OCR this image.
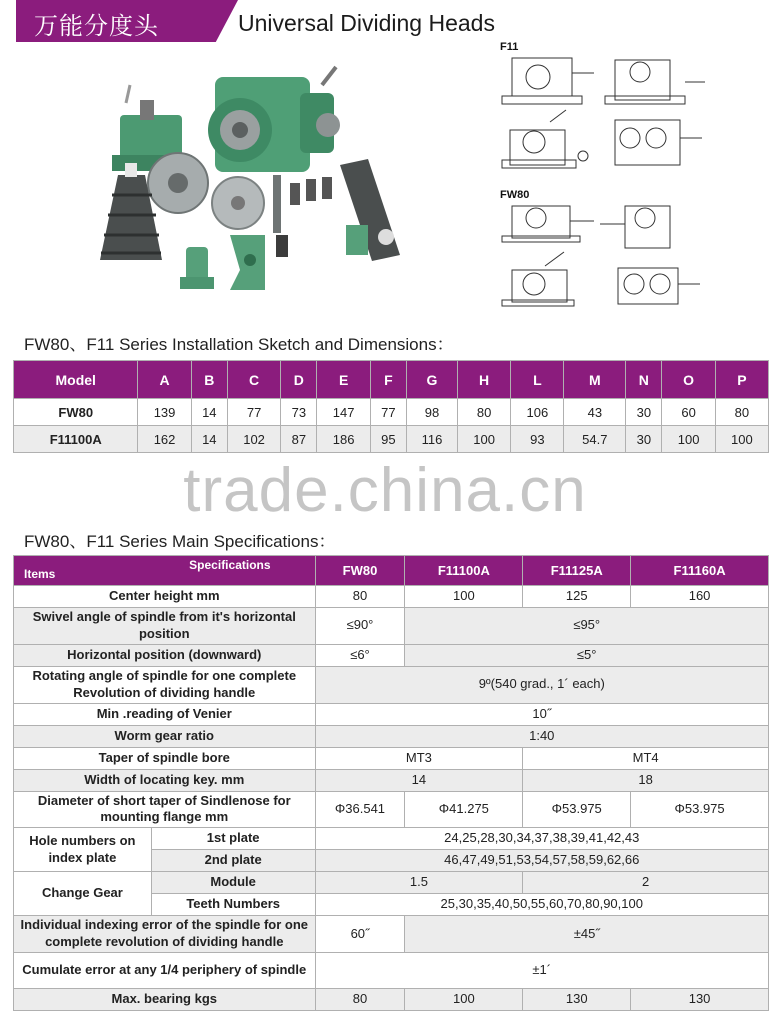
万能分度头	Universal Dividing Heads
F11
FW80
FW80、F11 Series Installation Sketch and Dimensions：
Model	A	B	C	D	E	F	G	H	L	M	N	O	P
FW80	139	14	77	73	147	77	98	80	106	43	30	60	80
F11100A	162	14	102	87	186	95	116	100	93	54.7	30	100	100
trade.china.cn
FW80、F11 Series Main Specifications：
Specifications
Items		FW80	F11100A	F11125A	F11160A
Center height mm		80	100	125	160
Swivel angle of spindle from it's horizontal position		≤90°	≤95°		
Horizontal position (downward)		≤6°	≤5°		
Rotating angle of spindle for one complete Revolution of dividing handle		9º(540 grad., 1´ each)			
Min .reading of Venier		10˝			
Worm gear ratio		1:40			
Taper of spindle bore		MT3		MT4	
Width of locating key. mm		14		18	
Diameter of short taper of Sindlenose for mounting flange mm		Φ36.541	Φ41.275	Φ53.975	Φ53.975
Hole numbers on index plate	1st plate	24,25,28,30,34,37,38,39,41,42,43			
	2nd plate	46,47,49,51,53,54,57,58,59,62,66			
Change Gear	Module	1.5		2	
	Teeth Numbers	25,30,35,40,50,55,60,70,80,90,100			
Individual indexing error of the spindle for one complete revolution of dividing handle		60˝	±45˝		
Cumulate error at any 1/4 periphery of spindle		±1´			
Max. bearing kgs		80	100	130	130
